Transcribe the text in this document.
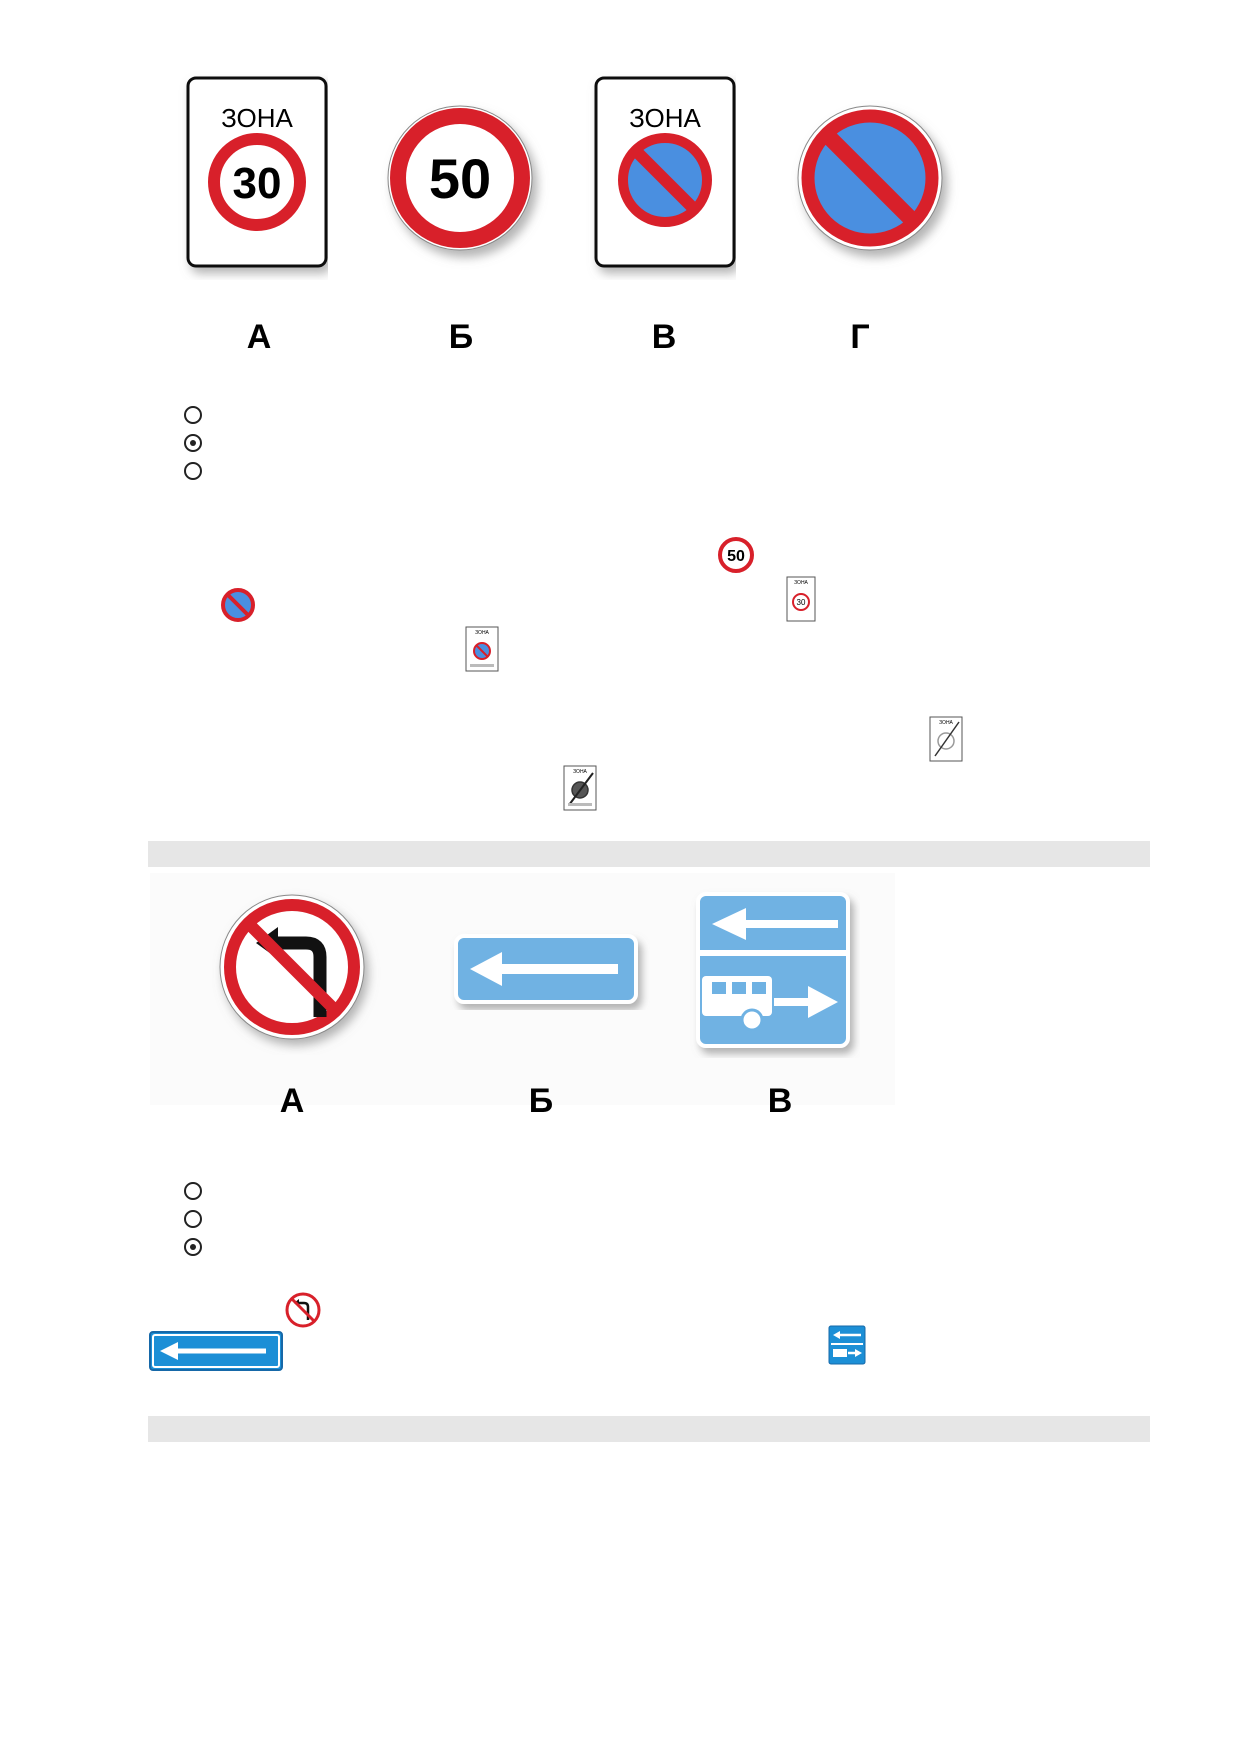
ЗОНА
30	50
ЗОНА
А	Б	В	Г
50
ЗОНА
30
ЗОНА
ЗОНА
ЗОНА
А	Б	В
